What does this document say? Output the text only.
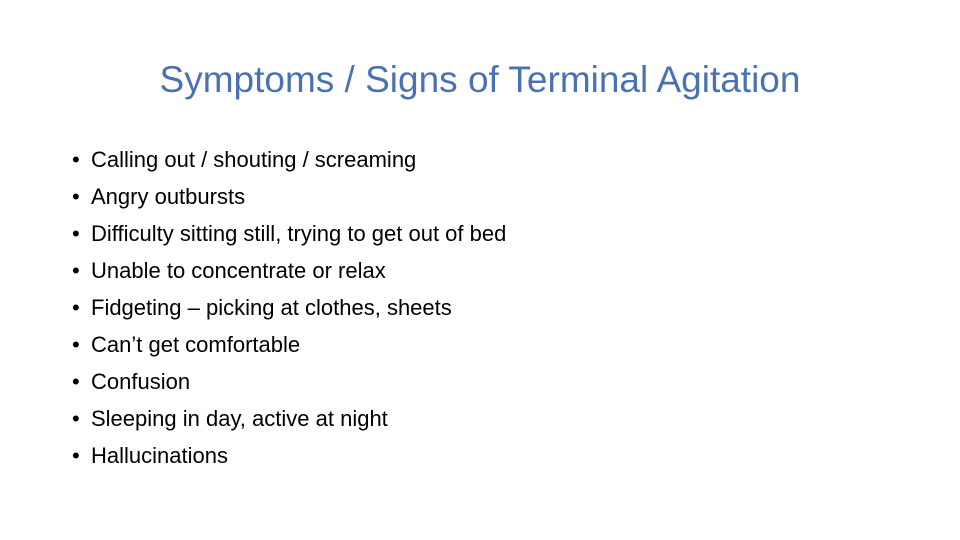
Symptoms / Signs of Terminal Agitation
• Calling out / shouting / screaming
• Angry outbursts
• Difficulty sitting still, trying to get out of bed
• Unable to concentrate or relax
• Fidgeting – picking at clothes, sheets
• Can’t get comfortable
• Confusion
• Sleeping in day, active at night
• Hallucinations
